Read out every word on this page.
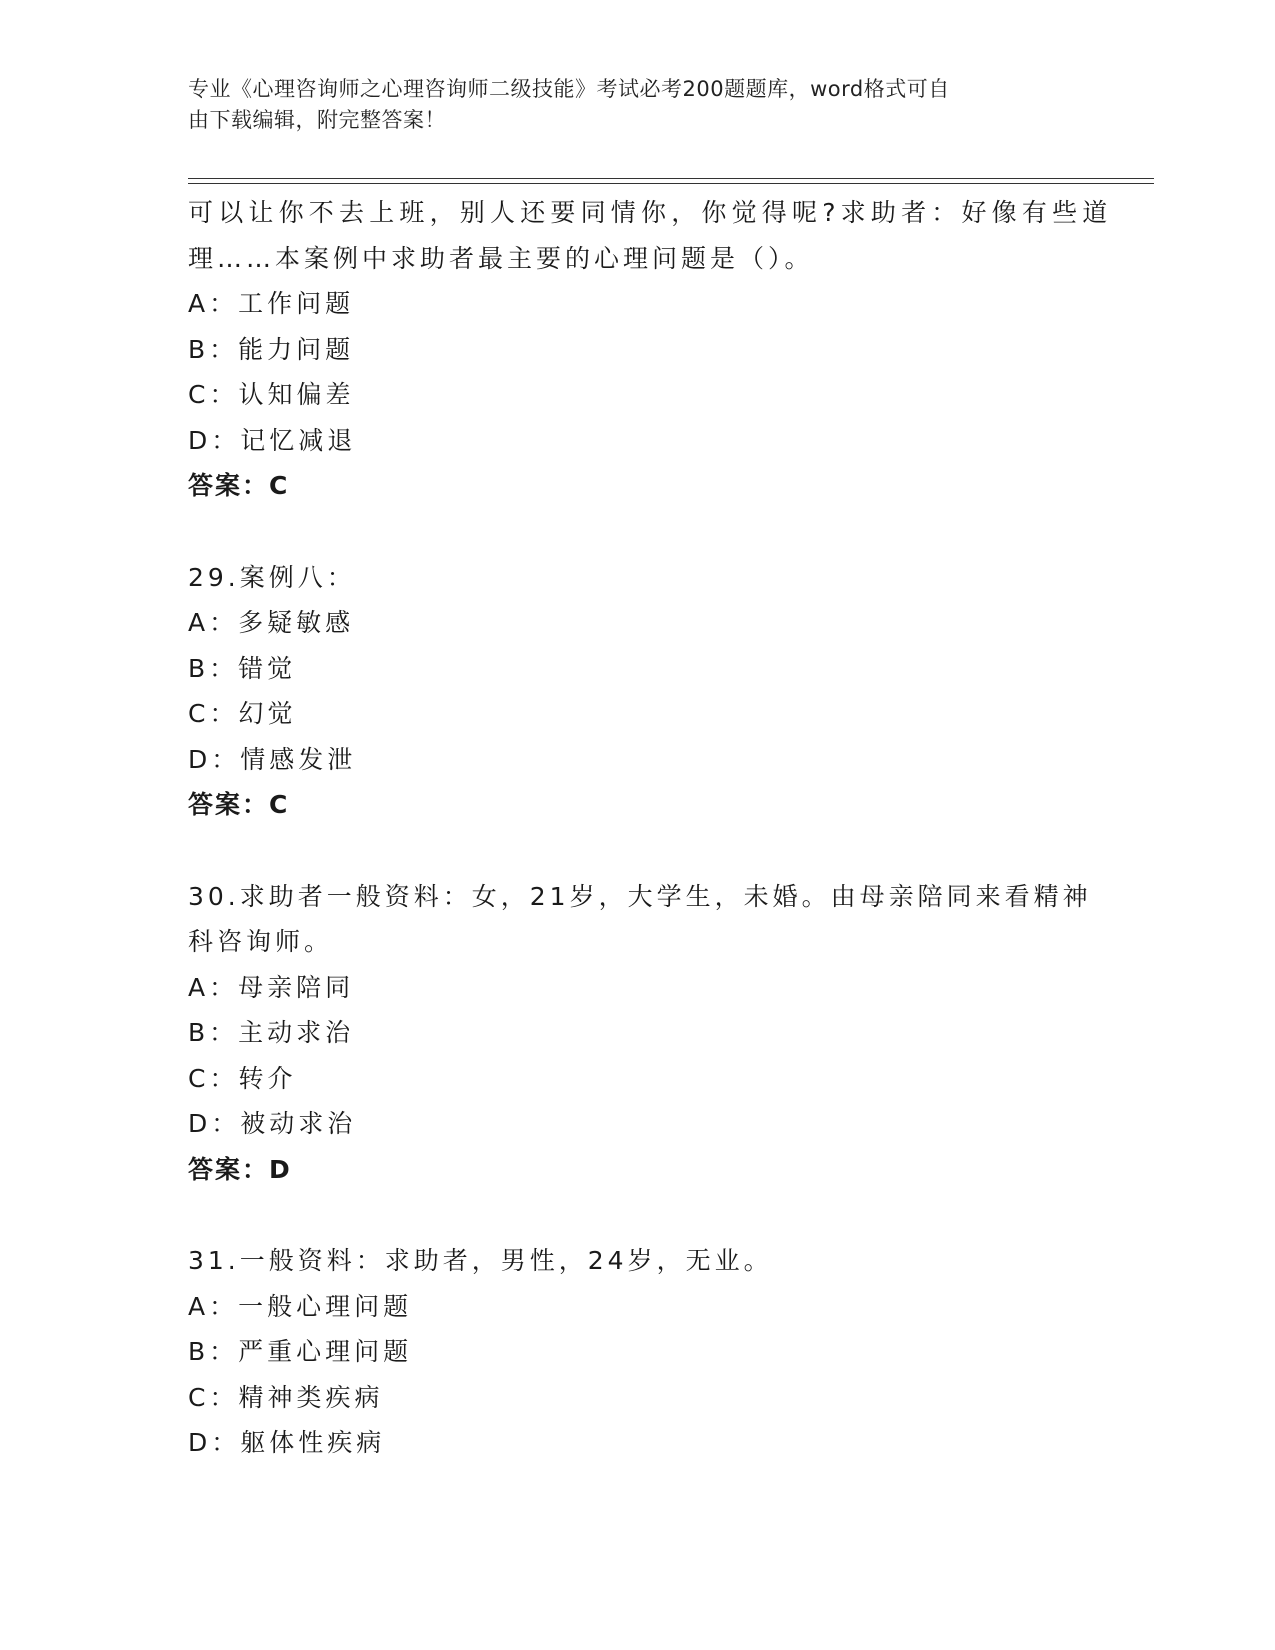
专业《心理咨询师之心理咨询师二级技能》考试必考200题题库，word格式可自
由下载编辑，附完整答案！
可以让你不去上班，别人还要同情你，你觉得呢?求助者：好像有些道
理……本案例中求助者最主要的心理问题是（）。
A：工作问题
B：能力问题
C：认知偏差
D：记忆减退
答案：C
29.案例八：
A：多疑敏感
B：错觉
C：幻觉
D：情感发泄
答案：C
30.求助者一般资料：女，21岁，大学生，未婚。由母亲陪同来看精神
科咨询师。
A：母亲陪同
B：主动求治
C：转介
D：被动求治
答案：D
31.一般资料：求助者，男性，24岁，无业。
A：一般心理问题
B：严重心理问题
C：精神类疾病
D：躯体性疾病
